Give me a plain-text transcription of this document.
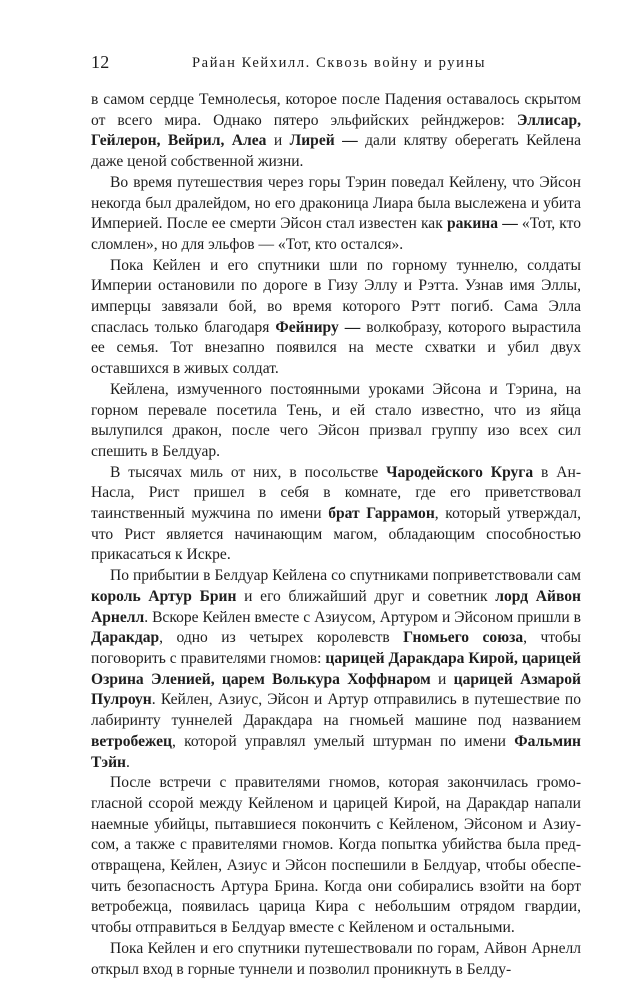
12	Райан Кейхилл. Сквозь войну и руины

в самом сердце Темнолесья, которое после Падения оставалось скрытом от всего мира. Однако пятеро эльфийских рейнджеров: Эллисар, Гейлерон, Вейрил, Алеа и Лирей — дали клятву оберегать Кейлена даже ценой собственной жизни.

Во время путешествия через горы Тэрин поведал Кейлену, что Эйсон некогда был дралейдом, но его драконица Лиара была выслежена и убита Империей. После ее смерти Эйсон стал известен как ракина — «Тот, кто сломлен», но для эльфов — «Тот, кто остался».

Пока Кейлен и его спутники шли по горному туннелю, солдаты Империи остановили по дороге в Гизу Эллу и Рэтта. Узнав имя Эллы, имперцы завязали бой, во время которого Рэтт погиб. Сама Элла спаслась только благодаря Фейниру — волкобразу, которого вырастила ее семья. Тот внезапно появился на месте схватки и убил двух оставшихся в живых солдат.

Кейлена, измученного постоянными уроками Эйсона и Тэрина, на горном перевале посетила Тень, и ей стало известно, что из яйца вылупился дракон, после чего Эйсон призвал группу изо всех сил спешить в Белдуар.

В тысячах миль от них, в посольстве Чародейского Круга в Ан-Насла, Рист пришел в себя в комнате, где его приветствовал таинственный мужчина по имени брат Гаррамон, который утверждал, что Рист является начинающим магом, обладающим способностью прикасаться к Искре.

По прибытии в Белдуар Кейлена со спутниками поприветствовали сам король Артур Брин и его ближайший друг и советник лорд Айвон Арнелл. Вскоре Кейлен вместе с Азиусом, Артуром и Эйсоном пришли в Даракдар, одно из четырех королевств Гномьего союза, чтобы поговорить с правителями гномов: царицей Даракдара Кирой, царицей Озрина Эленией, царем Волькура Хоффнаром и царицей Азмарой Пулроун. Кейлен, Азиус, Эйсон и Артур отправились в путешествие по лабиринту туннелей Даракдара на гномьей машине под названием ветробежец, которой управлял умелый штурман по имени Фальмин Тэйн.

После встречи с правителями гномов, которая закончилась громогласной ссорой между Кейленом и царицей Кирой, на Даракдар напали наемные убийцы, пытавшиеся покончить с Кейленом, Эйсоном и Азиусом, а также с правителями гномов. Когда попытка убийства была предотвращена, Кейлен, Азиус и Эйсон поспешили в Белдуар, чтобы обеспечить безопасность Артура Брина. Когда они собирались взойти на борт ветробежца, появилась царица Кира с небольшим отрядом гвардии, чтобы отправиться в Белдуар вместе с Кейленом и остальными.

Пока Кейлен и его спутники путешествовали по горам, Айвон Арнелл открыл вход в горные туннели и позволил проникнуть в Белду-
